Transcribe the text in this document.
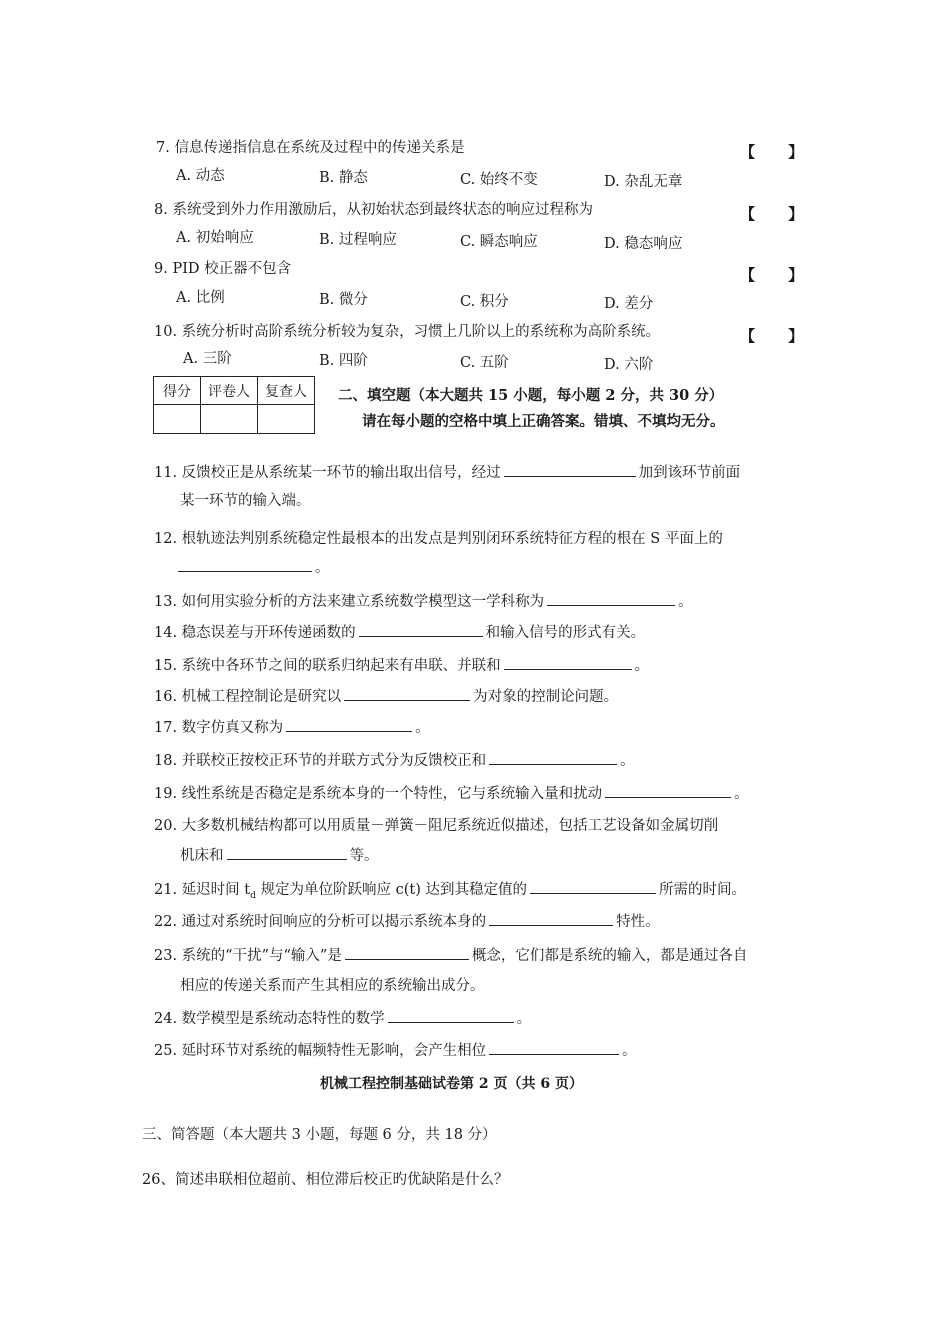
7. 信息传递指信息在系统及过程中的传递关系是	【 】
A. 动态	B. 静态	C. 始终不变	D. 杂乱无章
8. 系统受到外力作用激励后，从初始状态到最终状态的响应过程称为	【 】
A. 初始响应	B. 过程响应	C. 瞬态响应	D. 稳态响应
9. PID 校正器不包含	【 】
A. 比例	B. 微分	C. 积分	D. 差分
10. 系统分析时高阶系统分析较为复杂，习惯上几阶以上的系统称为高阶系统。	【 】
A. 三阶	B. 四阶	C. 五阶	D. 六阶
得分	评卷人	复查人
		二、填空题（本大题共 15 小题，每小题 2 分，共 30 分）
请在每小题的空格中填上正确答案。错填、不填均无分。
11. 反馈校正是从系统某一环节的输出取出信号，经过	加到该环节前面
某一环节的输入端。
12. 根轨迹法判别系统稳定性最根本的出发点是判别闭环系统特征方程的根在 S 平面上的
。
13. 如何用实验分析的方法来建立系统数学模型这一学科称为	。
14. 稳态误差与开环传递函数的	和输入信号的形式有关。
15. 系统中各环节之间的联系归纳起来有串联、并联和	。
16. 机械工程控制论是研究以	为对象的控制论问题。
17. 数字仿真又称为	。
18. 并联校正按校正环节的并联方式分为反馈校正和	。
19. 线性系统是否稳定是系统本身的一个特性，它与系统输入量和扰动	。
20. 大多数机械结构都可以用质量－弹簧－阻尼系统近似描述，包括工艺设备如金属切削
机床和	等。
21. 延迟时间 $t_d$ 规定为单位阶跃响应 c(t) 达到其稳定值的	所需的时间。
22. 通过对系统时间响应的分析可以揭示系统本身的	特性。
23. 系统的“干扰”与“输入”是	概念，它们都是系统的输入，都是通过各自
相应的传递关系而产生其相应的系统输出成分。
24. 数学模型是系统动态特性的数学	。
25. 延时环节对系统的幅频特性无影响，会产生相位	。
机械工程控制基础试卷第 2 页（共 6 页）
三、简答题（本大题共 3 小题，每题 6 分，共 18 分）
26、简述串联相位超前、相位滞后校正旳优缺陷是什么？
